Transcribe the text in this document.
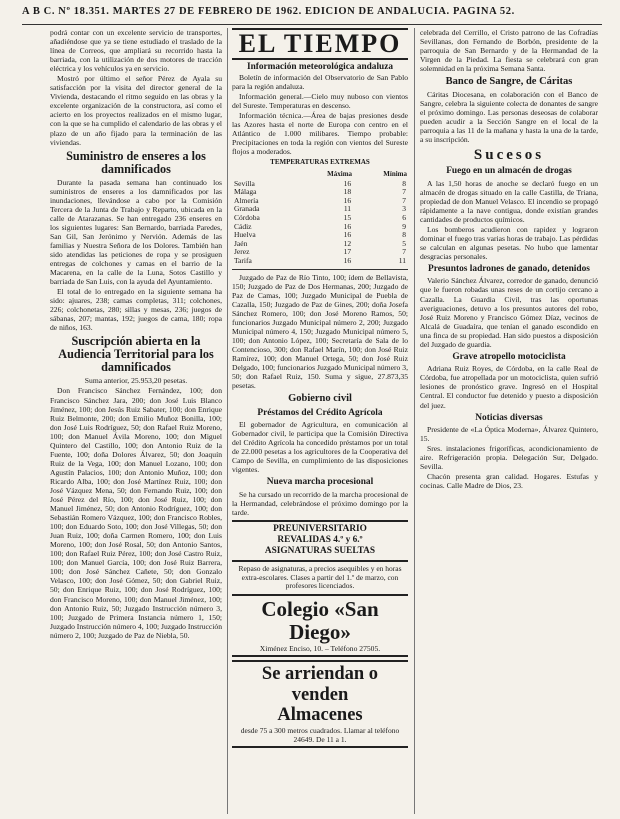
A B C. Nº 18.351. MARTES 27 DE FEBRERO DE 1962. EDICION DE ANDALUCIA. PAGINA 52.

podrá contar con un excelente servicio de transportes, añadiéndose que ya se tiene estudiado el traslado de la línea de Correos, que ampliará su recorrido hasta la barriada, con la utilización de dos motores de tracción eléctrica y los vehículos ya en servicio.

Mostró por último el señor Pérez de Ayala su satisfacción por la visita del director general de la Vivienda, destacando el ritmo seguido en las obras y la excelente organización de la constructora, así como el acierto en los proyectos realizados en el mismo lugar, con la que se ha cumplido el calendario de las obras y el plazo de un año fijado para la terminación de las viviendas.

Suministro de enseres a los damnificados

Durante la pasada semana han continuado los suministros de enseres a los damnificados por las inundaciones, llevándose a cabo por la Comisión Tercera de la Junta de Trabajo y Reparto, ubicada en la calle de Atarazanas. Se han entregado 236 enseres en los siguientes lugares: San Bernardo, barriada Paredes, San Gil, San Jerónimo y Nervión. Además de las familias y Nuestra Señora de los Dolores. También han sido atendidas las peticiones de ropa y se prosiguen entregas de colchones y camas en el barrio de la Macarena, en la calle de la Luna, Sotos Castillo y barriada de San Luis, con la ayuda del Ayuntamiento.

El total de lo entregado en la siguiente semana ha sido: ajuares, 238; camas completas, 311; colchones, 226; colchonetas, 280; sillas y mesas, 236; juegos de sábanas, 207; mantas, 192; juegos de cama, 180; ropa de niños, 163.

Suscripción abierta en la Audiencia Territorial para los damnificados

Suma anterior, 25.953,20 pesetas.

Don Francisco Sánchez Fernández, 100; don Francisco Sánchez Jara, 200; don José Luis Blanco Jiménez, 100; don Jesús Ruiz Sabater, 100; don Enrique Ruiz Belmonte, 200; don Emilio Muñoz Bonilla, 100; don José Luis Rodríguez, 50; don Rafael Ruiz Moreno, 100; don Manuel Ávila Moreno, 100; don Miguel Quintero del Castillo, 100; don Antonio Ruiz de la Fuente, 100; doña Dolores Álvarez, 50; don Joaquín Ruiz de la Vega, 100; don Manuel Lozano, 100; don Agustín Palacios, 100; don Antonio Muñoz, 100; don Ricardo Alba, 100; don José Martínez Ruiz, 100; don José Vázquez Mena, 50; don Fernando Ruiz, 100; don José Pérez del Río, 100; don José Ruiz, 100; don Manuel Jiménez, 50; don Antonio Rodríguez, 100; don Sebastián Romero Vázquez, 100; don Francisco Robles, 100; don Eduardo Soto, 100; don José Villegas, 50; don Juan Ruiz, 100; doña Carmen Romero, 100; don Luis Moreno, 100; don José Rosal, 50; don Antonio Santos, 100; don Rafael Ruiz Pérez, 100; don José Castro Ruiz, 100; don Manuel García, 100; don José Ruiz Barrera, 100; don José Sánchez Cañete, 50; don Gonzalo Velasco, 100; don José Gómez, 50; don Gabriel Ruiz, 50; don Enrique Ruiz, 100; don José Rodríguez, 100; don Francisco Moreno, 100; don Manuel Jiménez, 100; don Antonio Ruiz, 50; Juzgado Instrucción número 3, 100; Juzgado de Primera Instancia número 1, 150; Juzgado Instrucción número 4, 100; Juzgado Instrucción número 2, 100; Juzgado de Paz de Niebla, 50.

EL TIEMPO
Información meteorológica andaluza

Boletín de información del Observatorio de San Pablo para la región andaluza.

Información general.—Cielo muy nuboso con vientos del Sureste. Temperaturas en descenso.

Información técnica.—Área de bajas presiones desde las Azores hasta el norte de Europa con centro en el Atlántico de 1.000 milibares. Tiempo probable: Precipitaciones en toda la región con vientos del Sureste flojos a moderados.

TEMPERATURAS EXTREMAS
	Máxima	Mínima
Sevilla	16	8
Málaga	18	7
Almería	16	7
Granada	11	3
Córdoba	15	6
Cádiz	16	9
Huelva	16	8
Jaén	12	5
Jerez	17	7
Tarifa	16	11

Juzgado de Paz de Río Tinto, 100; ídem de Bellavista, 150; Juzgado de Paz de Dos Hermanas, 200; Juzgado de Paz de Camas, 100; Juzgado Municipal de Puebla de Cazalla, 150; Juzgado de Paz de Gines, 200; doña Josefa Sánchez Romero, 100; don José Moreno Ramos, 50; funcionarios Juzgado Municipal número 2, 200; Juzgado Municipal número 4, 150; Juzgado Municipal número 5, 100; don Antonio López, 100; Secretaría de Sala de lo Contencioso, 300; don Rafael Marín, 100; don José Ruiz Ramírez, 100; don Manuel Ortega, 50; don José Ruiz Delgado, 100; funcionarios Juzgado Municipal número 3, 50; don Rafael Ruiz, 150. Suma y sigue, 27.873,35 pesetas.

Gobierno civil
Préstamos del Crédito Agrícola

El gobernador de Agricultura, en comunicación al Gobernador civil, le participa que la Comisión Directiva del Crédito Agrícola ha concedido préstamos por un total de 22.000 pesetas a los agricultores de la Cooperativa del Campo de Sevilla, en cumplimiento de las disposiciones vigentes.

Nueva marcha procesional

Se ha cursado un recorrido de la marcha procesional de la Hermandad, celebrándose el próximo domingo por la tarde.

PREUNIVERSITARIO
REVALIDAS 4.º y 6.º
ASIGNATURAS SUELTAS
Repaso de asignaturas, a precios asequibles y en horas extra-escolares. Clases a partir del 1.º de marzo, con profesores licenciados.
Colegio «San Diego»
Ximénez Enciso, 10. – Teléfono 27505.
Se arriendan o venden
Almacenes
desde 75 a 300 metros cuadrados. Llamar al teléfono 24649. De 11 a 1.

celebrada del Cerrillo, el Cristo patrono de las Cofradías Sevillanas, don Fernando de Borbón, presidente de la parroquia de San Bernardo y de la Hermandad de la Virgen de la Piedad. La fiesta se celebrará con gran solemnidad en la próxima Semana Santa.

Banco de Sangre, de Cáritas

Cáritas Diocesana, en colaboración con el Banco de Sangre, celebra la siguiente colecta de donantes de sangre el próximo domingo. Las personas deseosas de colaborar pueden acudir a la Sección Sangre en el local de la parroquia a las 11 de la mañana y hasta la una de la tarde, a su inscripción.

Sucesos
Fuego en un almacén de drogas

A las 1,50 horas de anoche se declaró fuego en un almacén de drogas situado en la calle Castilla, de Triana, propiedad de don Manuel Velasco. El incendio se propagó rápidamente a la nave contigua, donde existían grandes cantidades de productos químicos.

Los bomberos acudieron con rapidez y lograron dominar el fuego tras varias horas de trabajo. Las pérdidas se calculan en algunas pesetas. No hubo que lamentar desgracias personales.

Presuntos ladrones de ganado, detenidos

Valerio Sánchez Álvarez, corredor de ganado, denunció que le fueron robadas unas reses de un cortijo cercano a Cazalla. La Guardia Civil, tras las oportunas averiguaciones, detuvo a los presuntos autores del robo, José Ruiz Moreno y Francisco Gómez Díaz, vecinos de Alcalá de Guadaíra, que tenían el ganado escondido en una finca de su propiedad. Han sido puestos a disposición del Juzgado de guardia.

Grave atropello motociclista

Adriana Ruiz Royes, de Córdoba, en la calle Real de Córdoba, fue atropellada por un motociclista, quien sufrió lesiones de pronóstico grave. Ingresó en el Hospital Central. El conductor fue detenido y puesto a disposición del juez.

Noticias diversas

Presidente de «La Óptica Moderna», Álvarez Quintero, 15.

Sres. instalaciones frigoríficas, acondicionamiento de aire. Refrigeración propia. Delegación Sur, Delgado. Sevilla.

Chacón presenta gran calidad. Hogares. Estufas y cocinas. Calle Madre de Dios, 23.
